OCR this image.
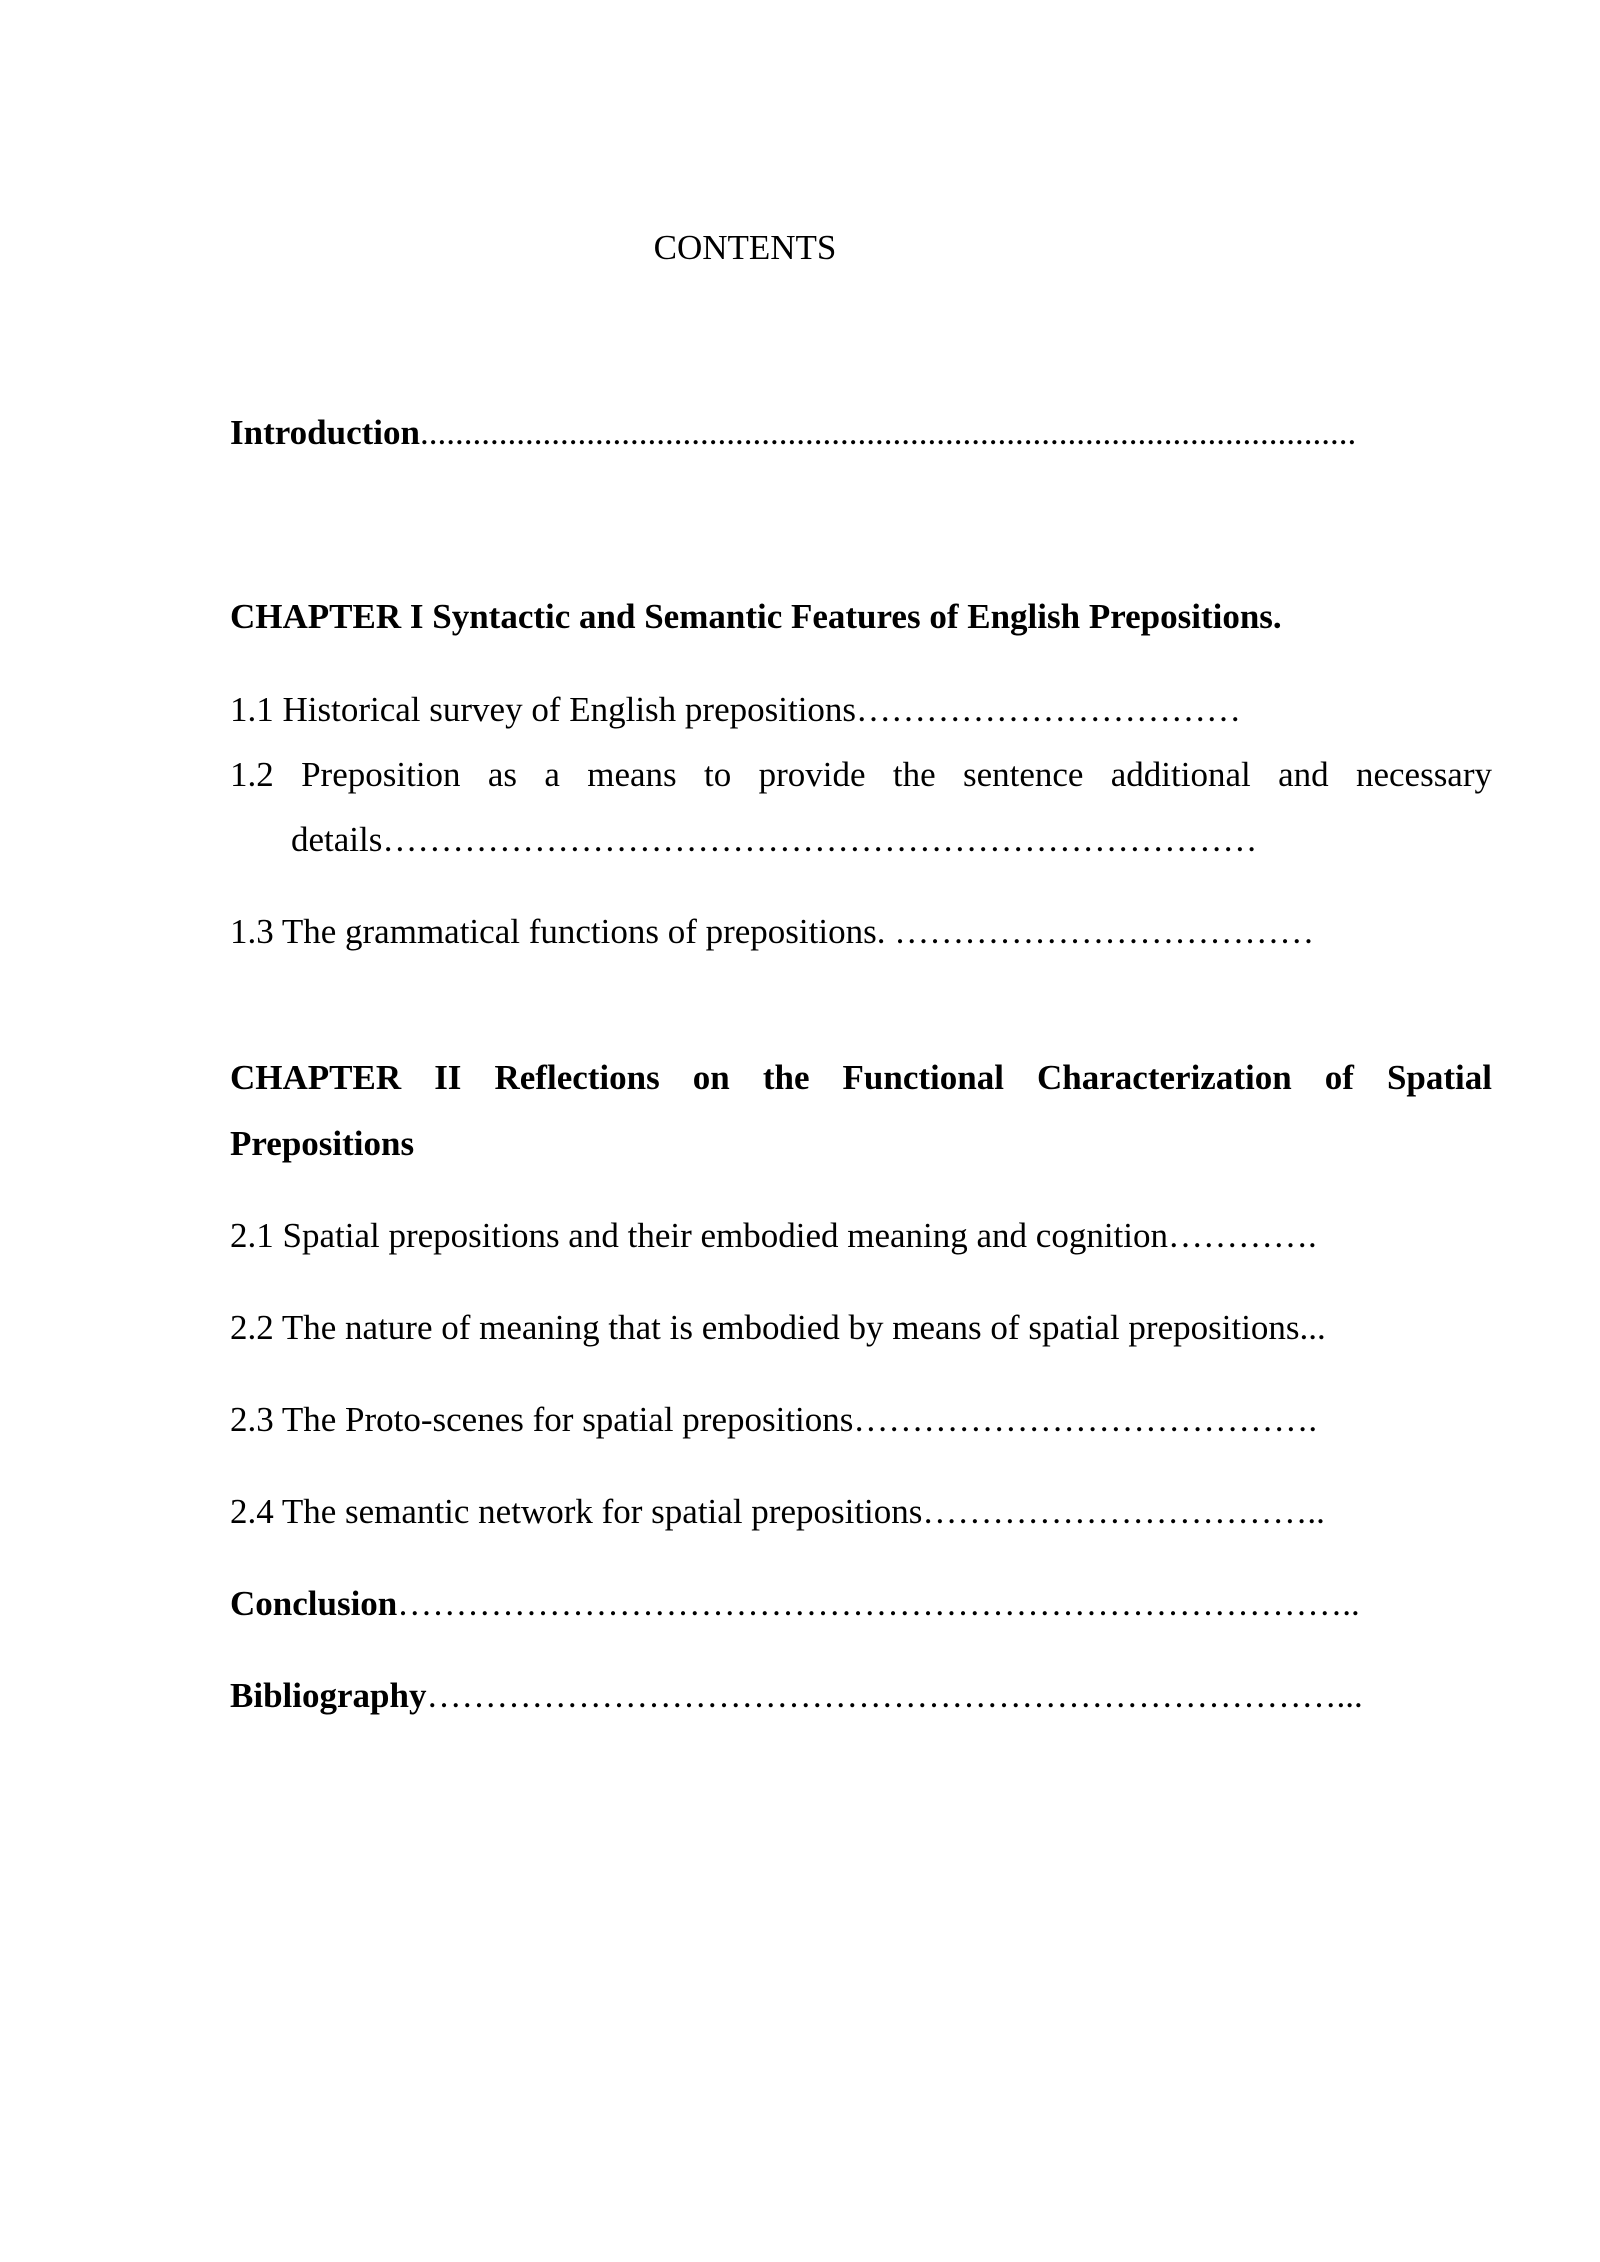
CONTENTS

Introduction...........................................................................................................

CHAPTER I Syntactic and Semantic Features of English Prepositions.

1.1 Historical survey of English prepositions……………………………

1.2 Preposition as a means to provide the sentence additional and necessary

details…………………………………………………………………

1.3 The grammatical functions of prepositions. ………………………………

CHAPTER II Reflections on the Functional Characterization of Spatial

Prepositions

2.1 Spatial prepositions and their embodied meaning and cognition………….

2.2 The nature of meaning that is embodied by means of spatial prepositions...

2.3 The Proto-scenes for spatial prepositions………………………………….

2.4 The semantic network for spatial prepositions……………………………..

Conclusion………………………………………………………………………..

Bibliography……………………………………………………………………...
